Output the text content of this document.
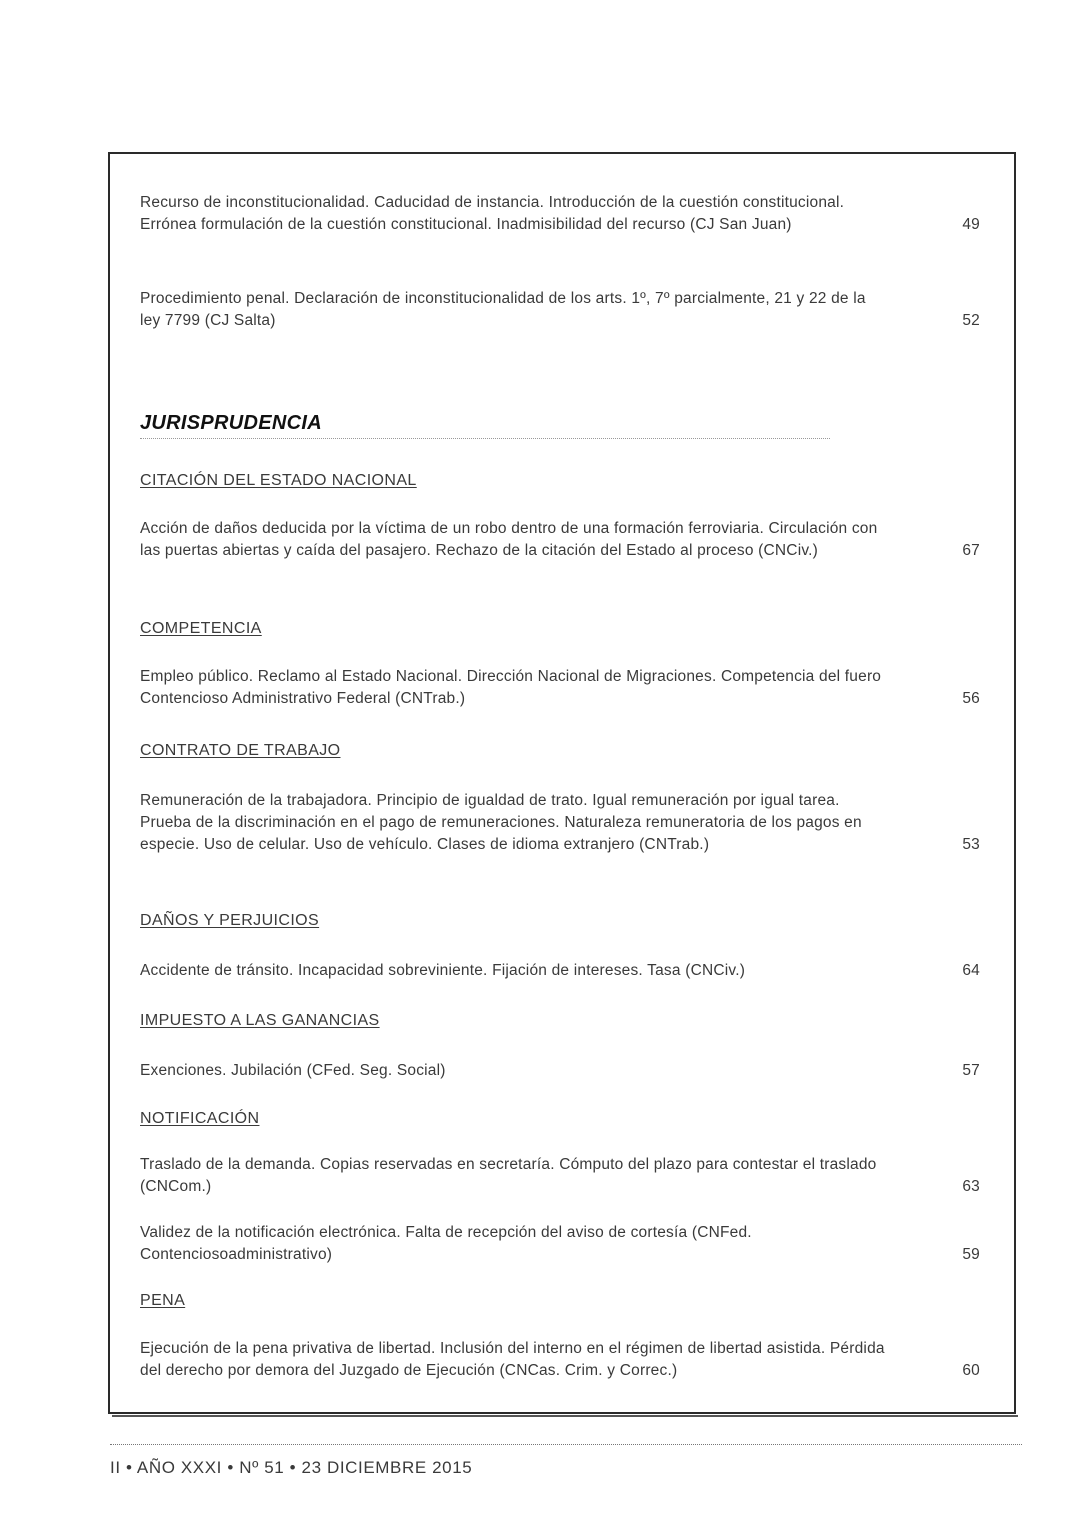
Recurso de inconstitucionalidad. Caducidad de instancia. Introducción de la cuestión constitucional. Errónea formulación de la cuestión constitucional. Inadmisibilidad del recurso (CJ San Juan)	49
Procedimiento penal. Declaración de inconstitucionalidad de los arts. 1º, 7º parcialmente, 21 y 22 de la ley 7799 (CJ Salta)	52
JURISPRUDENCIA
CITACIÓN DEL ESTADO NACIONAL
Acción de daños deducida por la víctima de un robo dentro de una formación ferroviaria. Circulación con las puertas abiertas y caída del pasajero. Rechazo de la citación del Estado al proceso (CNCiv.)	67
COMPETENCIA
Empleo público. Reclamo al Estado Nacional. Dirección Nacional de Migraciones. Competencia del fuero Contencioso Administrativo Federal (CNTrab.)	56
CONTRATO DE TRABAJO
Remuneración de la trabajadora. Principio de igualdad de trato. Igual remuneración por igual tarea. Prueba de la discriminación en el pago de remuneraciones. Naturaleza remuneratoria de los pagos en especie. Uso de celular. Uso de vehículo. Clases de idioma extranjero (CNTrab.)	53
DAÑOS Y PERJUICIOS
Accidente de tránsito. Incapacidad sobreviniente. Fijación de intereses. Tasa (CNCiv.)	64
IMPUESTO A LAS GANANCIAS
Exenciones. Jubilación (CFed. Seg. Social)	57
NOTIFICACIÓN
Traslado de la demanda. Copias reservadas en secretaría. Cómputo del plazo para contestar el traslado (CNCom.)	63
Validez de la notificación electrónica. Falta de recepción del aviso de cortesía (CNFed. Contenciosoadministrativo)	59
PENA
Ejecución de la pena privativa de libertad. Inclusión del interno en el régimen de libertad asistida. Pérdida del derecho por demora del Juzgado de Ejecución (CNCas. Crim. y Correc.)	60
II • AÑO XXXI • Nº 51 • 23 DICIEMBRE 2015
